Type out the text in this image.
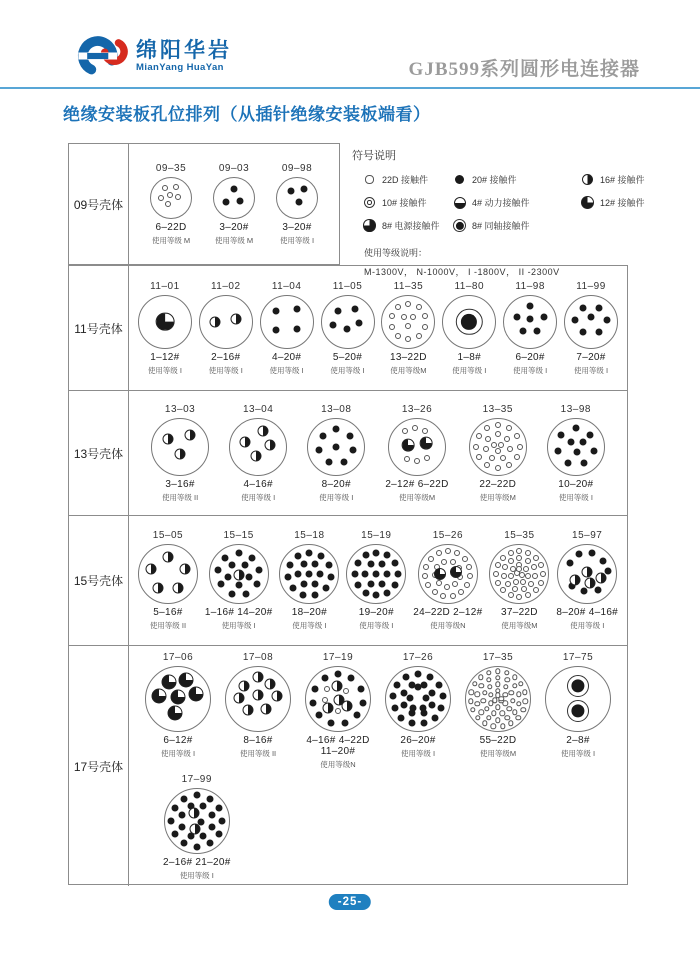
绵阳华岩
MianYang HuaYan	GJB599系列圆形电连接器
绝缘安装板孔位排列（从插针绝缘安装板端看）
09号壳体
09–35
6–22D
使用等级 M
09–03
3–20#
使用等级 M
09–98
3–20#
使用等级 I
符号说明
22D 接触件	20# 接触件	16# 接触件
10# 接触件	4# 动力接触件	12# 接触件
8# 电源接触件	8# 同轴接触件
使用等级说明：
M-1300V， N-1000V， I -1800V， II -2300V
11号壳体
11–01
1–12#
使用等级 I
11–02
2–16#
使用等级 I
11–04
4–20#
使用等级 I
11–05
5–20#
使用等级 I
11–35
13–22D
使用等级M
11–80
1–8#
使用等级 I
11–98
6–20#
使用等级 I
11–99
7–20#
使用等级 I
13号壳体
13–03
3–16#
使用等级 II
13–04
4–16#
使用等级 I
13–08
8–20#
使用等级 I
13–26
2–12# 6–22D
使用等级M
13–35
22–22D
使用等级M
13–98
10–20#
使用等级 I
15号壳体
15–05
5–16#
使用等级 II
15–15
1–16# 14–20#
使用等级 I
15–18
18–20#
使用等级 I
15–19
19–20#
使用等级 I
15–26
24–22D 2–12#
使用等级N
15–35
37–22D
使用等级M
15–97
8–20# 4–16#
使用等级 I
17号壳体
17–06
6–12#
使用等级 I
17–08
8–16#
使用等级 II
17–19
4–16# 4–22D
11–20#
使用等级N
17–26
26–20#
使用等级 I
17–35
55–22D
使用等级M
17–75
2–8#
使用等级 I
17–99
2–16# 21–20#
使用等级 I
-25-
